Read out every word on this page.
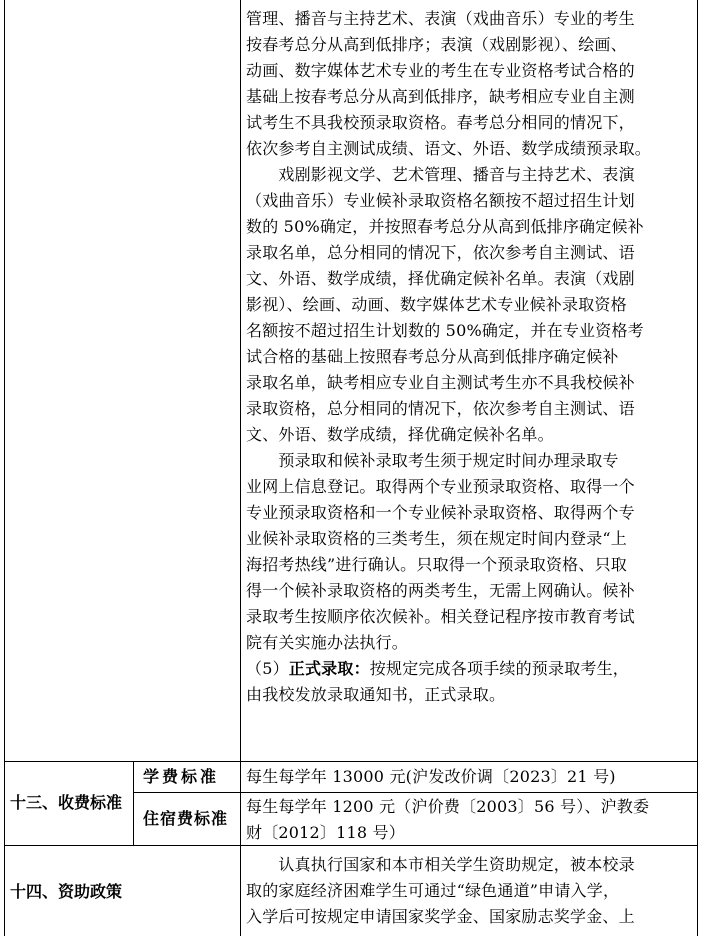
管理、播音与主持艺术、表演（戏曲音乐）专业的考生
按春考总分从高到低排序；表演（戏剧影视）、绘画、
动画、数字媒体艺术专业的考生在专业资格考试合格的
基础上按春考总分从高到低排序，缺考相应专业自主测
试考生不具我校预录取资格。春考总分相同的情况下，
依次参考自主测试成绩、语文、外语、数学成绩预录取。
　　戏剧影视文学、艺术管理、播音与主持艺术、表演
（戏曲音乐）专业候补录取资格名额按不超过招生计划
数的 50%确定，并按照春考总分从高到低排序确定候补
录取名单，总分相同的情况下，依次参考自主测试、语
文、外语、数学成绩，择优确定候补名单。表演（戏剧
影视）、绘画、动画、数字媒体艺术专业候补录取资格
名额按不超过招生计划数的 50%确定，并在专业资格考
试合格的基础上按照春考总分从高到低排序确定候补
录取名单，缺考相应专业自主测试考生亦不具我校候补
录取资格，总分相同的情况下，依次参考自主测试、语
文、外语、数学成绩，择优确定候补名单。
　　预录取和候补录取考生须于规定时间办理录取专
业网上信息登记。取得两个专业预录取资格、取得一个
专业预录取资格和一个专业候补录取资格、取得两个专
业候补录取资格的三类考生，须在规定时间内登录“上
海招考热线”进行确认。只取得一个预录取资格、只取
得一个候补录取资格的两类考生，无需上网确认。候补
录取考生按顺序依次候补。相关登记程序按市教育考试
院有关实施办法执行。
（5）正式录取：按规定完成各项手续的预录取考生，
由我校发放录取通知书，正式录取。
十三、收费标准
学费标准	每生每学年 13000 元(沪发改价调〔2023〕21 号)
住宿费标准
每生每学年 1200 元（沪价费〔2003〕56 号）、沪教委
财〔2012〕118 号）
十四、资助政策
　　认真执行国家和本市相关学生资助规定，被本校录
取的家庭经济困难学生可通过“绿色通道”申请入学，
入学后可按规定申请国家奖学金、国家励志奖学金、上
